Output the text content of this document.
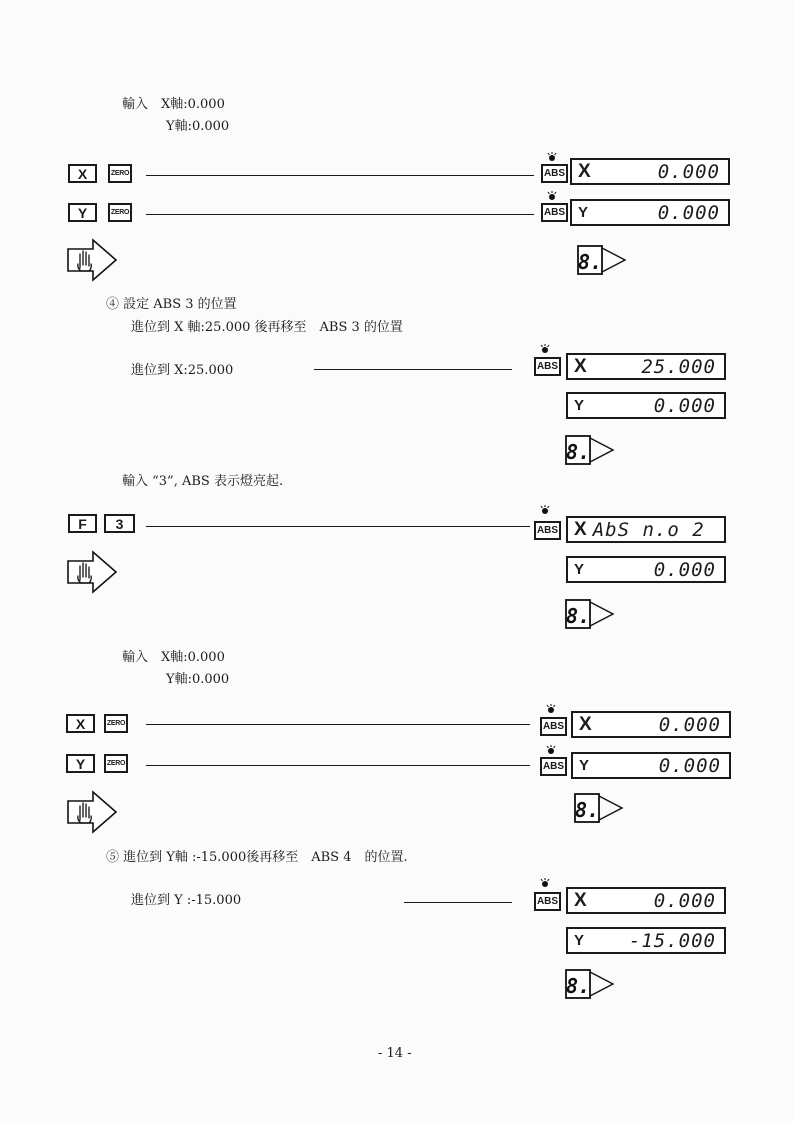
輸入　X軸:0.000
Y軸:0.000
X	ZERO	ABS X	0.000
Y	ZERO	ABS Y	0.000
8.
④ 設定 ABS 3 的位置
進位到 X 軸:25.000 後再移至　ABS 3 的位置
進位到 X:25.000	ABS X	25.000
Y	0.000
8.
輸入 “3”, ABS 表示燈亮起.
F	3	ABS X AbS n.o 2
Y	0.000
8.
輸入　X軸:0.000
Y軸:0.000
X	ZERO	ABS X	0.000
Y	ZERO	ABS Y	0.000
8.
⑤ 進位到 Y軸 :-15.000後再移至　ABS 4　的位置.
進位到 Y :-15.000	ABS X	0.000
Y -15.000
8.
- 14 -
